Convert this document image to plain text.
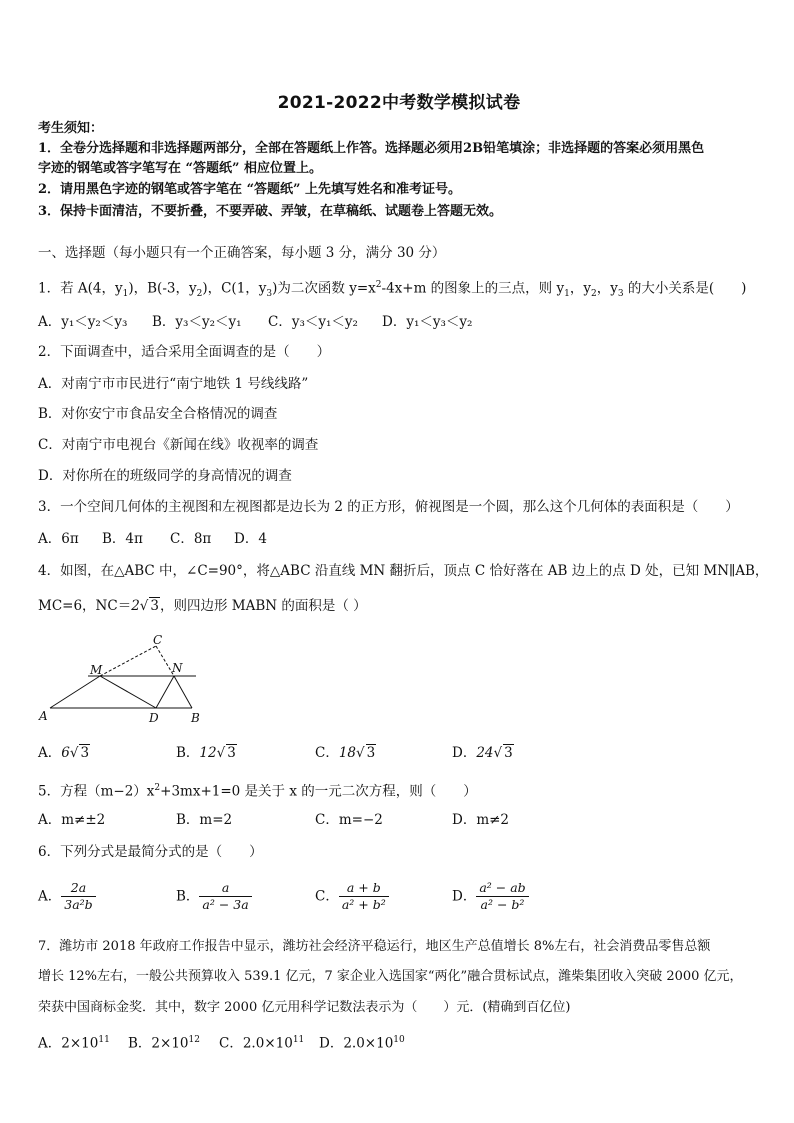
2021-2022中考数学模拟试卷
考生须知：
1．全卷分选择题和非选择题两部分，全部在答题纸上作答。选择题必须用2B铅笔填涂；非选择题的答案必须用黑色
字迹的钢笔或答字笔写在 “答题纸” 相应位置上。
2．请用黑色字迹的钢笔或答字笔在 “答题纸” 上先填写姓名和准考证号。
3．保持卡面清洁，不要折叠，不要弄破、弄皱，在草稿纸、试题卷上答题无效。
一、选择题（每小题只有一个正确答案，每小题 3 分，满分 30 分）
1．若 A(4，$y_1$)，B(-3，$y_2$)，C(1，$y_3$)为二次函数 $y=x^2-4x+m$ 的图象上的三点，则 $y_1$，$y_2$，$y_3$ 的大小关系是(　　)
A．y₁＜y₂＜y₃ B．y₃＜y₂＜y₁ C．y₃＜y₁＜y₂ D．y₁＜y₃＜y₂
2．下面调查中，适合采用全面调查的是（　　）
A．对南宁市市民进行“南宁地铁 1 号线线路”
B．对你安宁市食品安全合格情况的调查
C．对南宁市电视台《新闻在线》收视率的调查
D．对你所在的班级同学的身高情况的调查
3．一个空间几何体的主视图和左视图都是边长为 2 的正方形，俯视图是一个圆，那么这个几何体的表面积是（　　）
A．6π B．4π C．8π D．4
4．如图，在△ABC 中，∠C=90°，将△ABC 沿直线 MN 翻折后，顶点 C 恰好落在 AB 边上的点 D 处，已知 MN∥AB，
MC=6，NC＝2√ 3，则四边形 MABN 的面积是（ ）
C
M	N
A	D	B
A．6√ 3	B．12√ 3	C．18√ 3	D．24√ 3
5．方程$(m-2)x^2+3mx+1=0$ 是关于 x 的一元二次方程，则（　　）
A．m≠±2	B．m=2	C．m=−2	D．m≠2
6．下列分式是最简分式的是（　　）
A． $\frac{2a}{\text{3a²b}}$	B． $\frac{a}{\text{a² − 3a}}$	C． $\frac{a + b}{\text{a² + b²}}$	D． $\frac{\text{a² − ab}}{\text{a² − b²}}$
7．潍坊市 2018 年政府工作报告中显示，潍坊社会经济平稳运行，地区生产总值增长 8%左右，社会消费品零售总额
增长 12%左右，一般公共预算收入 539.1 亿元，7 家企业入选国家“两化”融合贯标试点，潍柴集团收入突破 2000 亿元，
荣获中国商标金奖．其中，数字 2000 亿元用科学记数法表示为（　　）元．(精确到百亿位)
A．$2\times 10^{11}$ B．$2\times 10^{12}$ C．$2.0\times 10^{11}$ D．$2.0\times 10^{10}$
